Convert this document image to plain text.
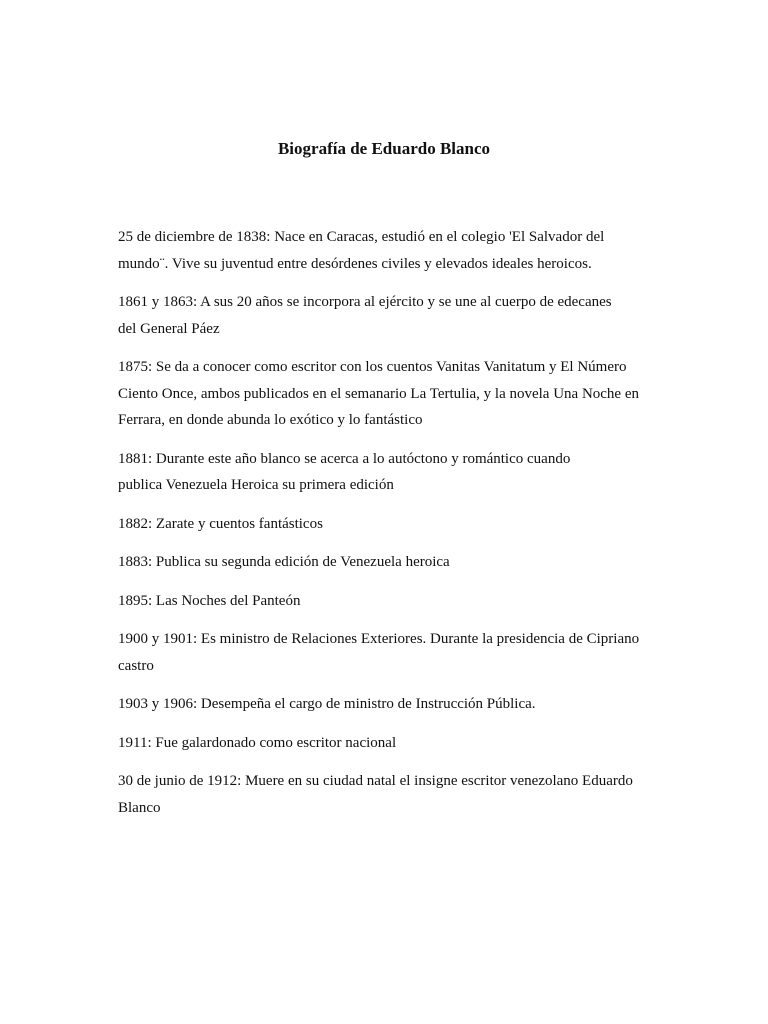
Biografía de Eduardo Blanco
25 de diciembre de 1838: Nace en Caracas, estudió en el colegio 'El Salvador del
mundo¨. Vive su juventud entre desórdenes civiles y elevados ideales heroicos.
1861 y 1863: A sus 20 años se incorpora al ejército y se une al cuerpo de edecanes
del General Páez
1875: Se da a conocer como escritor con los cuentos Vanitas Vanitatum y El Número
Ciento Once, ambos publicados en el semanario La Tertulia, y la novela Una Noche en
Ferrara, en donde abunda lo exótico y lo fantástico
1881: Durante este año blanco se acerca a lo autóctono y romántico cuando
publica Venezuela Heroica su primera edición
1882: Zarate y cuentos fantásticos
1883: Publica su segunda edición de Venezuela heroica
1895: Las Noches del Panteón
1900 y 1901: Es ministro de Relaciones Exteriores. Durante la presidencia de Cipriano
castro
1903 y 1906: Desempeña el cargo de ministro de Instrucción Pública.
1911: Fue galardonado como escritor nacional
30 de junio de 1912: Muere en su ciudad natal el insigne escritor venezolano Eduardo
Blanco
